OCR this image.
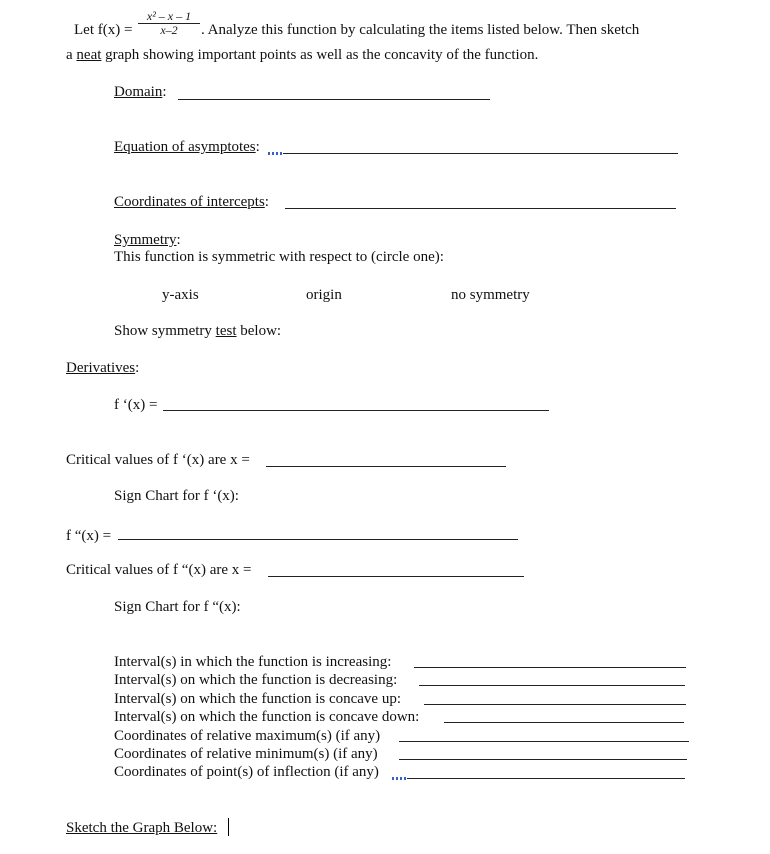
Let $f(x) = \frac{\text{x² – x – 1}}{x-2}$ . Analyze this function by calculating the items listed below. Then sketch
a neat graph showing important points as well as the concavity of the function.
Domain:
Equation of asymptotes:
Coordinates of intercepts:
Symmetry:
This function is symmetric with respect to (circle one):
y-axis	origin	no symmetry
Show symmetry test below:
Derivatives:
f ‘(x) =
Critical values of f ‘(x) are x =
Sign Chart for f ‘(x):
f “(x) =
Critical values of f “(x) are x =
Sign Chart for f “(x):
Interval(s) in which the function is increasing:
Interval(s) on which the function is decreasing:
Interval(s) on which the function is concave up:
Interval(s) on which the function is concave down:
Coordinates of relative maximum(s) (if any)
Coordinates of relative minimum(s) (if any)
Coordinates of point(s) of inflection (if any)
Sketch the Graph Below:
